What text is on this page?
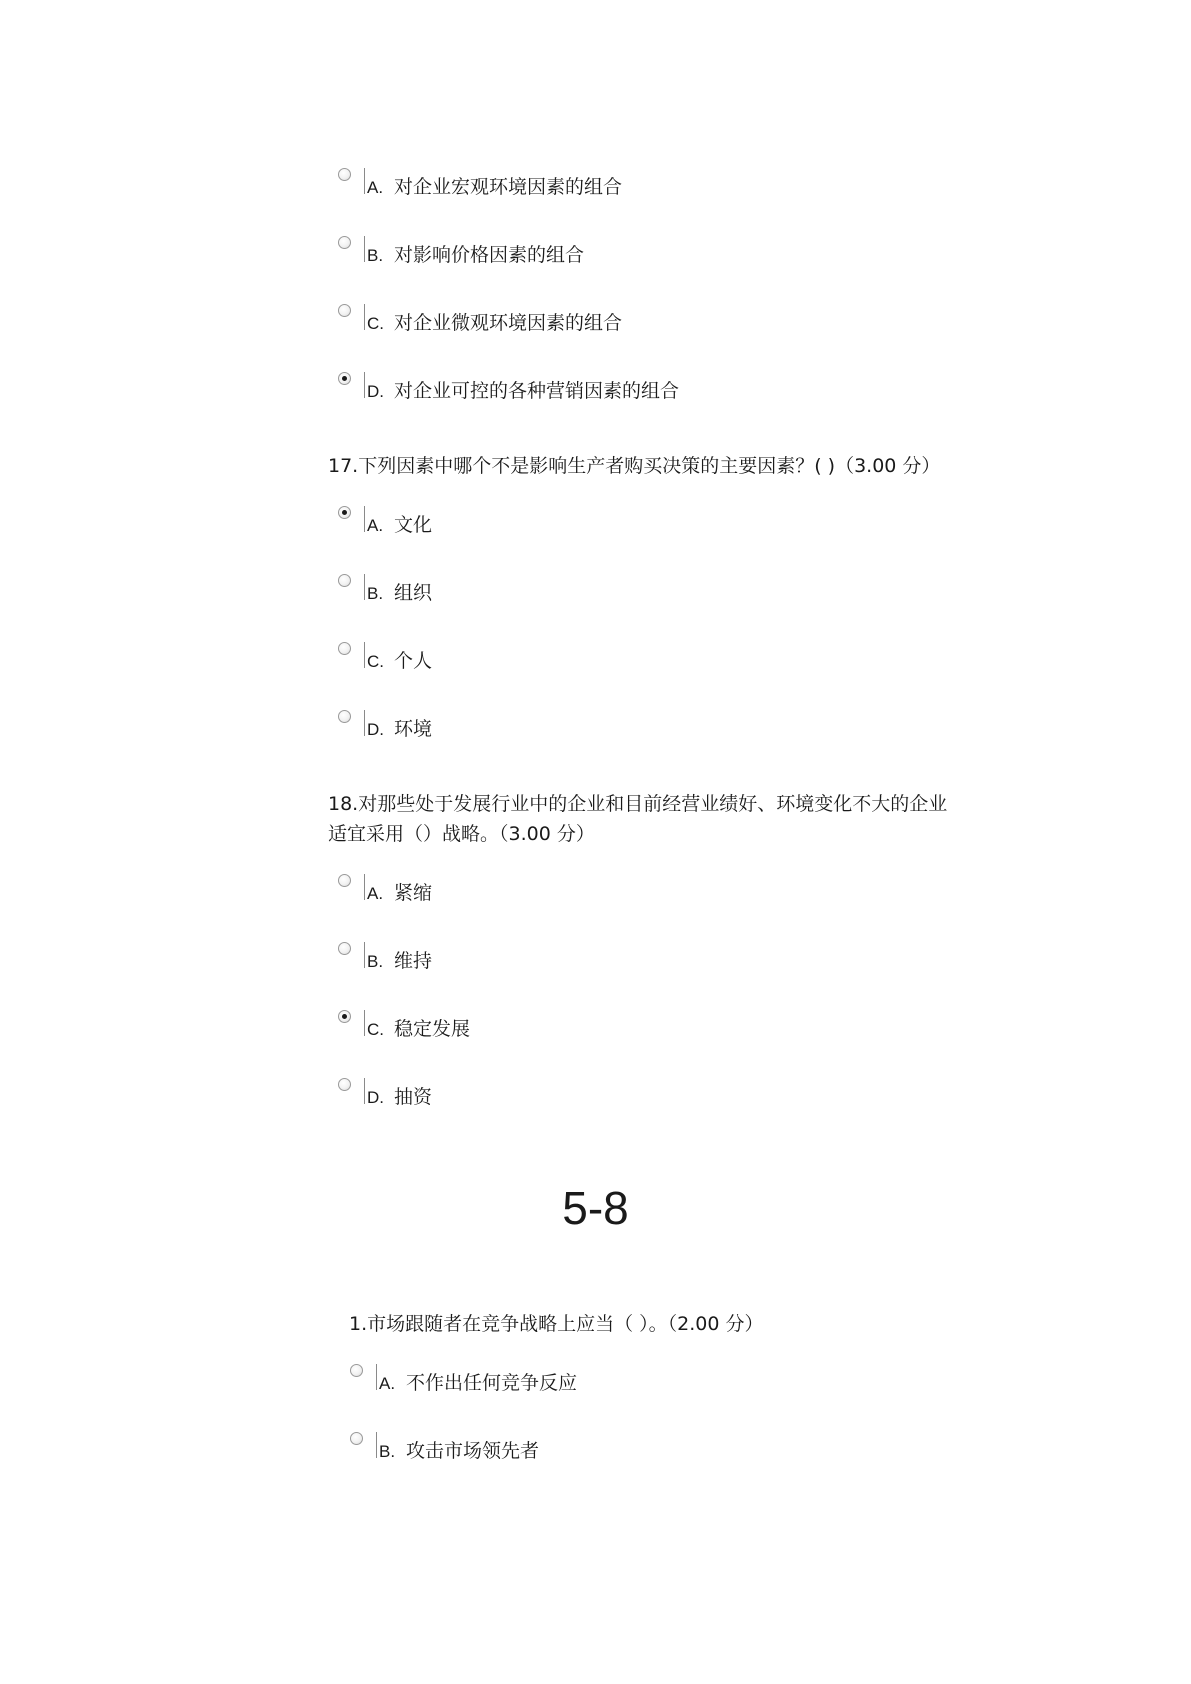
A. 对企业宏观环境因素的组合
B. 对影响价格因素的组合
C. 对企业微观环境因素的组合
D. 对企业可控的各种营销因素的组合
17.下列因素中哪个不是影响生产者购买决策的主要因素？( )（3.00 分）
A. 文化
B. 组织
C. 个人
D. 环境
18.对那些处于发展行业中的企业和目前经营业绩好、环境变化不大的企业
适宜采用（）战略。（3.00 分）
A. 紧缩
B. 维持
C. 稳定发展
D. 抽资
5-8
1.市场跟随者在竞争战略上应当（ ）。（2.00 分）
A. 不作出任何竞争反应
B. 攻击市场领先者
